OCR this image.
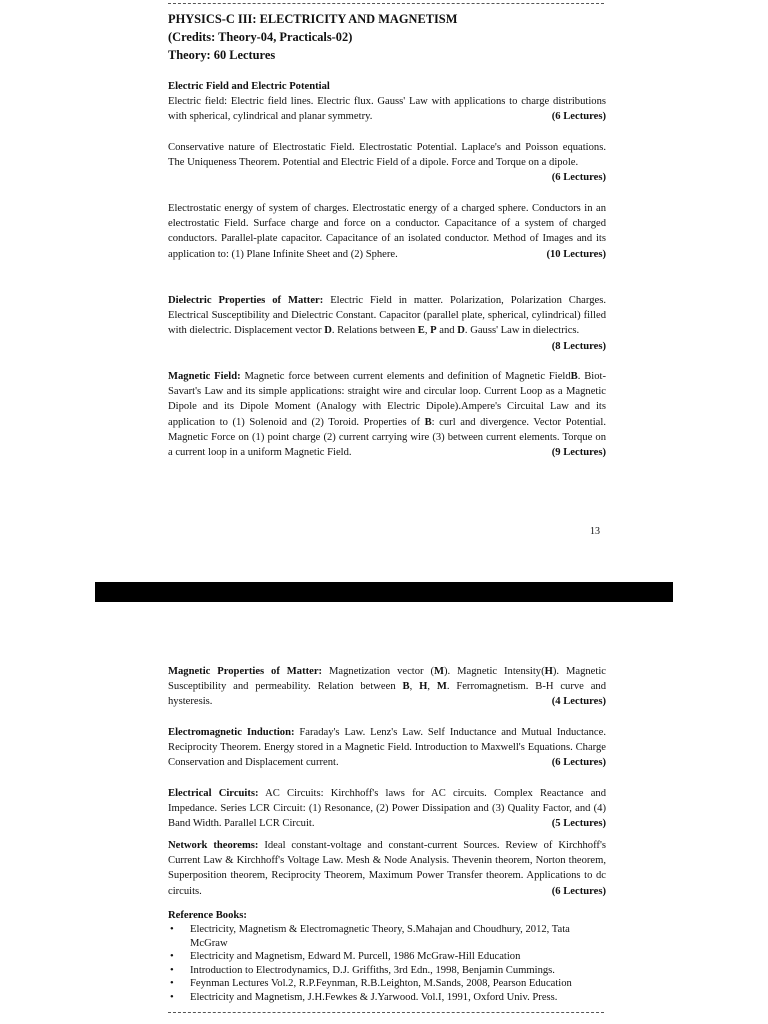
PHYSICS-C III: ELECTRICITY AND MAGNETISM

(Credits: Theory-04, Practicals-02)

Theory: 60 Lectures

Electric Field and Electric Potential

Electric field: Electric field lines. Electric flux. Gauss' Law with applications to charge distributions with spherical, cylindrical and planar symmetry.	(6 Lectures)

Conservative nature of Electrostatic Field. Electrostatic Potential. Laplace's and Poisson equations. The Uniqueness Theorem. Potential and Electric Field of a dipole. Force and Torque on a dipole.
(6 Lectures)

Electrostatic energy of system of charges. Electrostatic energy of a charged sphere. Conductors in an electrostatic Field. Surface charge and force on a conductor. Capacitance of a system of charged conductors. Parallel-plate capacitor. Capacitance of an isolated conductor. Method of Images and its application to: (1) Plane Infinite Sheet and (2) Sphere.	(10 Lectures)

Dielectric Properties of Matter: Electric Field in matter. Polarization, Polarization Charges. Electrical Susceptibility and Dielectric Constant. Capacitor (parallel plate, spherical, cylindrical) filled with dielectric. Displacement vector D. Relations between E, P and D. Gauss' Law in dielectrics.
(8 Lectures)

Magnetic Field: Magnetic force between current elements and definition of Magnetic FieldB. Biot-Savart's Law and its simple applications: straight wire and circular loop. Current Loop as a Magnetic Dipole and its Dipole Moment (Analogy with Electric Dipole).Ampere's Circuital Law and its application to (1) Solenoid and (2) Toroid. Properties of B: curl and divergence. Vector Potential. Magnetic Force on (1) point charge (2) current carrying wire (3) between current elements. Torque on a current loop in a uniform Magnetic Field.	(9 Lectures)

13

Magnetic Properties of Matter: Magnetization vector (M). Magnetic Intensity(H). Magnetic Susceptibility and permeability. Relation between B, H, M. Ferromagnetism. B-H curve and hysteresis.	(4 Lectures)

Electromagnetic Induction: Faraday's Law. Lenz's Law. Self Inductance and Mutual Inductance. Reciprocity Theorem. Energy stored in a Magnetic Field. Introduction to Maxwell's Equations. Charge Conservation and Displacement current.	(6 Lectures)

Electrical Circuits: AC Circuits: Kirchhoff's laws for AC circuits. Complex Reactance and Impedance. Series LCR Circuit: (1) Resonance, (2) Power Dissipation and (3) Quality Factor, and (4) Band Width. Parallel LCR Circuit.	(5 Lectures)

Network theorems: Ideal constant-voltage and constant-current Sources. Review of Kirchhoff's Current Law & Kirchhoff's Voltage Law. Mesh & Node Analysis. Thevenin theorem, Norton theorem, Superposition theorem, Reciprocity Theorem, Maximum Power Transfer theorem. Applications to dc circuits.	(6 Lectures)

Reference Books:

• Electricity, Magnetism & Electromagnetic Theory, S.Mahajan and Choudhury, 2012, Tata McGraw
• Electricity and Magnetism, Edward M. Purcell, 1986 McGraw-Hill Education
• Introduction to Electrodynamics, D.J. Griffiths, 3rd Edn., 1998, Benjamin Cummings.
• Feynman Lectures Vol.2, R.P.Feynman, R.B.Leighton, M.Sands, 2008, Pearson Education
• Electricity and Magnetism, J.H.Fewkes & J.Yarwood. Vol.I, 1991, Oxford Univ. Press.
